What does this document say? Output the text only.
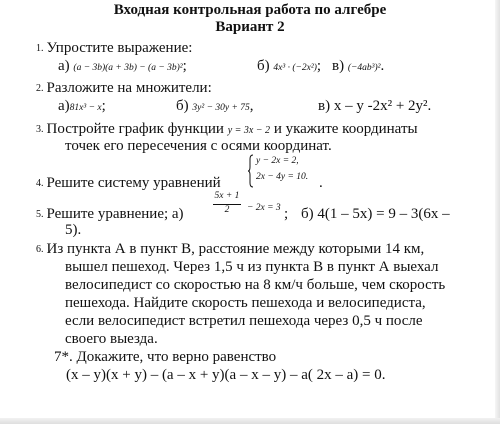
Входная контрольная работа по алгебре
Вариант 2
1. Упростите выражение:
а) (a − 3b)(a + 3b) − (a − 3b)²;	б) 4x³ · (−2x²); в) (−4ab³)².
2. Разложите на множители:
а)81x³ − x;	б) 3y² − 30y + 75,	в) x – y -2x² + 2y².
3. Постройте график функции y = 3x − 2 и укажите координаты
точек его пересечения с осями координат.
4. Решите систему уравнений
y − 2x = 2,
2x − 4y = 10. .
5. Решите уравнение; а)
5x + 1
2	− 2x = 3 ; б) 4(1 – 5x) = 9 – 3(6x –
5).
6. Из пункта А в пункт В, расстояние между которыми 14 км,
вышел пешеход. Через 1,5 ч из пункта В в пункт А выехал
велосипедист со скоростью на 8 км/ч больше, чем скорость
пешехода. Найдите скорость пешехода и велосипедиста,
если велосипедист встретил пешехода через 0,5 ч после
своего выезда.
7*. Докажите, что верно равенство
(x – y)(x + y) – (a – x + y)(a – x – y) – a( 2x – a) = 0.
